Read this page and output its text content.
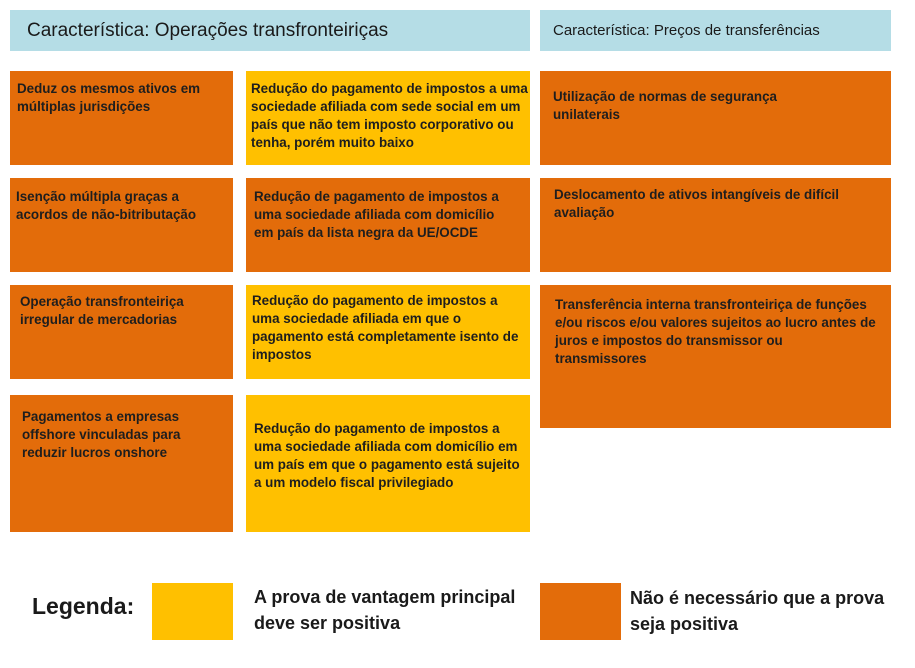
Característica: Operações transfronteiriças	Característica: Preços de transferências
Deduz os mesmos ativos em múltiplas jurisdições
Isenção múltipla graças a acordos de não-bitributação
Operação transfronteiriça irregular de mercadorias
Pagamentos a empresas offshore vinculadas para reduzir lucros onshore
Redução do pagamento de impostos a uma sociedade afiliada com sede social em um país que não tem imposto corporativo ou tenha, porém muito baixo
Redução de pagamento de impostos a uma sociedade afiliada com domicílio em país da lista negra da UE/OCDE
Redução do pagamento de impostos a uma sociedade afiliada em que o pagamento está completamente isento de impostos
Redução do pagamento de impostos a uma sociedade afiliada com domicílio em um país em que o pagamento está sujeito a um modelo fiscal privilegiado
Utilização de normas de segurança unilaterais
Deslocamento de ativos intangíveis de difícil avaliação
Transferência interna transfronteiriça de funções e/ou riscos e/ou valores sujeitos ao lucro antes de juros e impostos do transmissor ou transmissores
Legenda:	A prova de vantagem principal deve ser positiva
Não é necessário que a prova seja positiva
